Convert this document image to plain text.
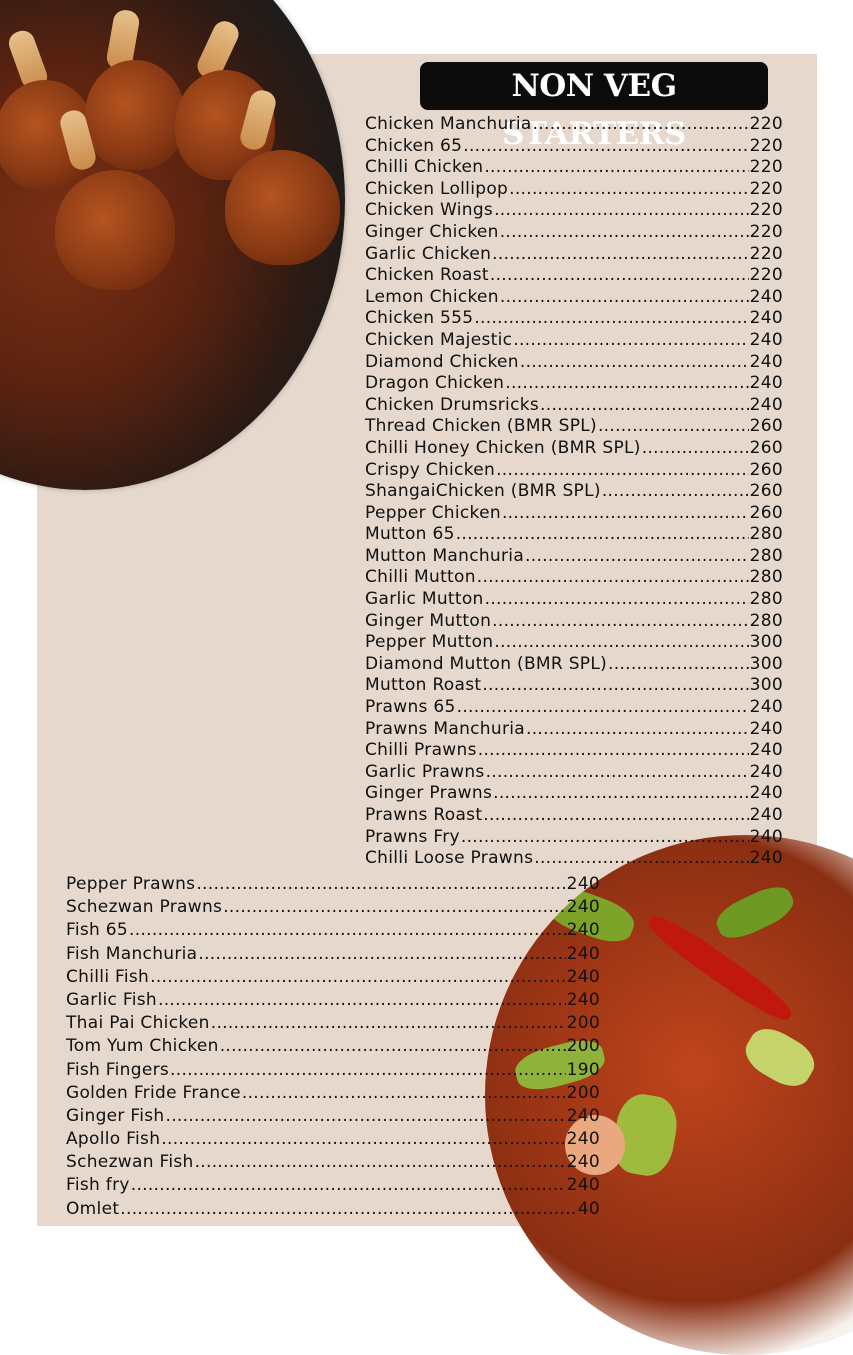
NON VEG STARTERS
Chicken Manchuria .....	220
Chicken 65 .....	220
Chilli Chicken .....	220
Chicken Lollipop .....	220
Chicken Wings .....	220
Ginger Chicken .....	220
Garlic Chicken .....	220
Chicken Roast .....	220
Lemon Chicken .....	240
Chicken 555 .....	240
Chicken Majestic .....	240
Diamond Chicken .....	240
Dragon Chicken .....	240
Chicken Drumsricks .....	240
Thread Chicken (BMR SPL) .....	260
Chilli Honey Chicken (BMR SPL) .....	260
Crispy Chicken .....	260
ShangaiChicken (BMR SPL) .....	260
Pepper Chicken .....	260
Mutton 65 .....	280
Mutton Manchuria .....	280
Chilli Mutton .....	280
Garlic Mutton .....	280
Ginger Mutton .....	280
Pepper Mutton .....	300
Diamond Mutton (BMR SPL) .....	300
Mutton Roast .....	300
Prawns 65 .....	240
Prawns Manchuria .....	240
Chilli Prawns .....	240
Garlic Prawns .....	240
Ginger Prawns .....	240
Prawns Roast .....	240
Prawns Fry .....	240
Chilli Loose Prawns .....	240
Pepper Prawns .....	240
Schezwan Prawns .....	240
Fish 65 .....	240
Fish Manchuria .....	240
Chilli Fish .....	240
Garlic Fish .....	240
Thai Pai Chicken .....	200
Tom Yum Chicken .....	200
Fish Fingers .....	190
Golden Fride France .....	200
Ginger Fish .....	240
Apollo Fish .....	240
Schezwan Fish .....	240
Fish fry .....	240
Omlet .....	40
